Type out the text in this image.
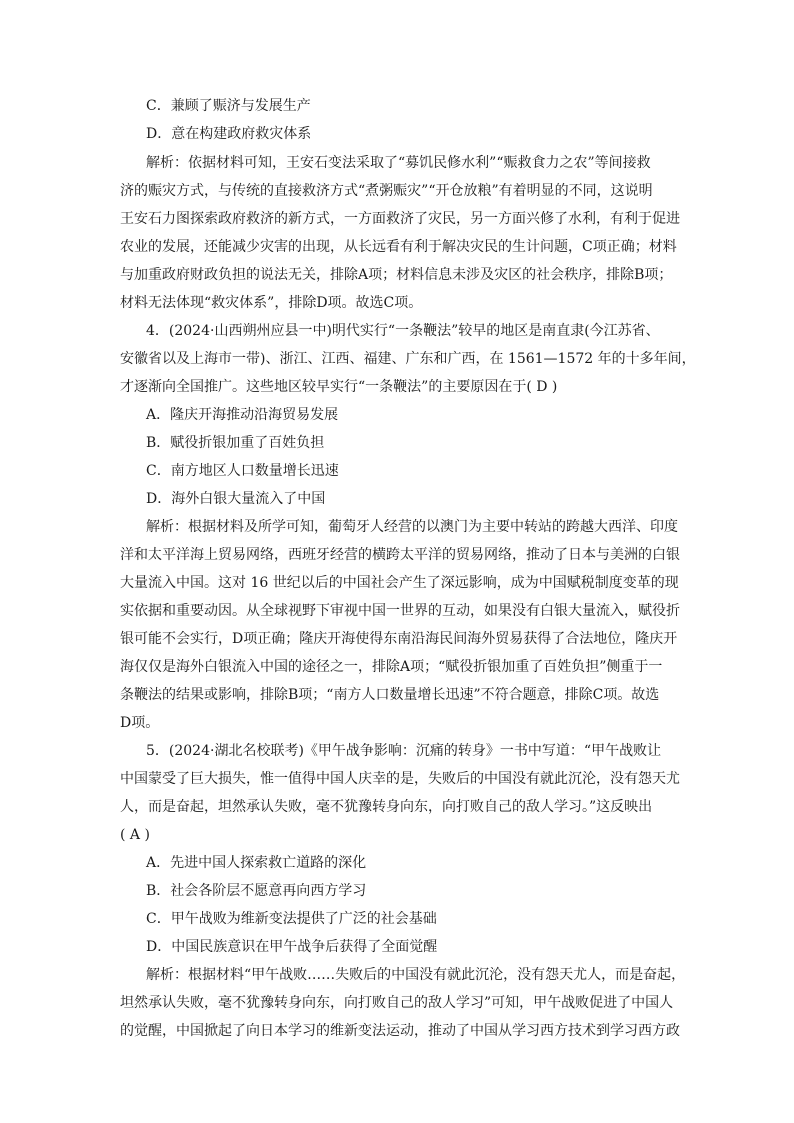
C．兼顾了赈济与发展生产
D．意在构建政府救灾体系
解析：依据材料可知，王安石变法采取了“募饥民修水利”“赈救食力之农”等间接救
济的赈灾方式，与传统的直接救济方式“煮粥赈灾”“开仓放粮”有着明显的不同，这说明
王安石力图探索政府救济的新方式，一方面救济了灾民，另一方面兴修了水利，有利于促进
农业的发展，还能减少灾害的出现，从长远看有利于解决灾民的生计问题，C项正确；材料
与加重政府财政负担的说法无关，排除A项；材料信息未涉及灾区的社会秩序，排除B项；
材料无法体现“救灾体系”，排除D项。故选C项。
4．(2024·山西朔州应县一中)明代实行“一条鞭法”较早的地区是南直隶(今江苏省、
安徽省以及上海市一带)、浙江、江西、福建、广东和广西，在 1561—1572 年的十多年间，
才逐渐向全国推广。这些地区较早实行“一条鞭法”的主要原因在于( D )
A．隆庆开海推动沿海贸易发展
B．赋役折银加重了百姓负担
C．南方地区人口数量增长迅速
D．海外白银大量流入了中国
解析：根据材料及所学可知，葡萄牙人经营的以澳门为主要中转站的跨越大西洋、印度
洋和太平洋海上贸易网络，西班牙经营的横跨太平洋的贸易网络，推动了日本与美洲的白银
大量流入中国。这对 16 世纪以后的中国社会产生了深远影响，成为中国赋税制度变革的现
实依据和重要动因。从全球视野下审视中国一世界的互动，如果没有白银大量流入，赋役折
银可能不会实行，D项正确；隆庆开海使得东南沿海民间海外贸易获得了合法地位，隆庆开
海仅仅是海外白银流入中国的途径之一，排除A项；“赋役折银加重了百姓负担”侧重于一
条鞭法的结果或影响，排除B项；“南方人口数量增长迅速”不符合题意，排除C项。故选
D项。
5．(2024·湖北名校联考)《甲午战争影响：沉痛的转身》一书中写道：“甲午战败让
中国蒙受了巨大损失，惟一值得中国人庆幸的是，失败后的中国没有就此沉沦，没有怨天尤
人，而是奋起，坦然承认失败，毫不犹豫转身向东，向打败自己的敌人学习。”这反映出
( A )
A．先进中国人探索救亡道路的深化
B．社会各阶层不愿意再向西方学习
C．甲午战败为维新变法提供了广泛的社会基础
D．中国民族意识在甲午战争后获得了全面觉醒
解析：根据材料“甲午战败……失败后的中国没有就此沉沦，没有怨天尤人，而是奋起，
坦然承认失败，毫不犹豫转身向东，向打败自己的敌人学习”可知，甲午战败促进了中国人
的觉醒，中国掀起了向日本学习的维新变法运动，推动了中国从学习西方技术到学习西方政
